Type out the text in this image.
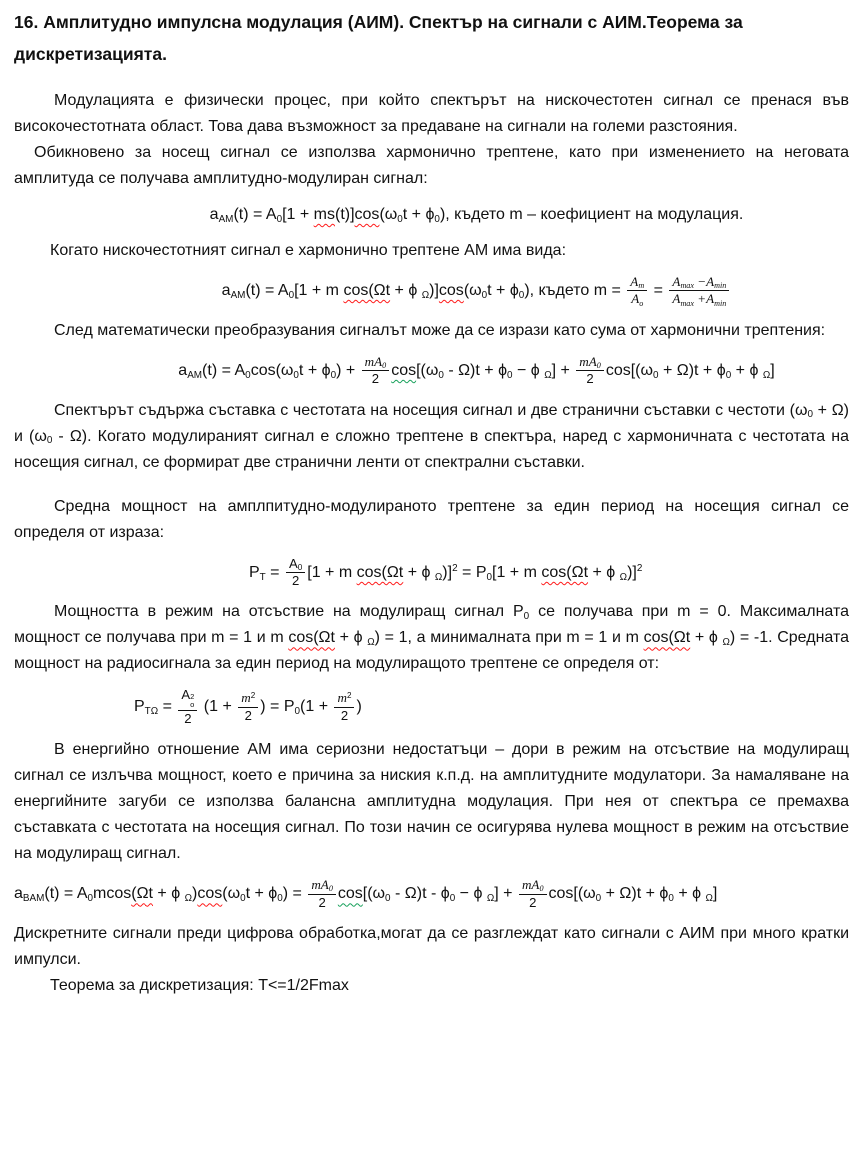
16. Амплитудно импулсна модулация (АИМ). Спектър на сигнали с АИМ.Теорема за дискретизацията.
Модулацията е физически процес, при който спектърът на нискочестотен сигнал се пренася във високочестотната област. Това дава възможност за предаване на сигнали на големи разстояния.
Обикновено за носещ сигнал се използва хармонично трептене, като при изменението на неговата амплитуда се получава амплитудно-модулиран сигнал:
$a_{AM}(t) = A_0[1 + ms(t)]\cos(\omega_0t + \phi_0)$, където m – коефициент на модулация.
Когато нискочестотният сигнал е хармонично трептене АМ има вида:
$a_{AM}(t) = A_0[1 + m$ cos(Ωt + ϕ $_\Omega)]\cos(\omega_0t + \phi_0)$, където $m = \frac{A_m}{A_o} = \frac{A_{max} -A_{min}}{A_{max} +A_{min}}$
След математически преобразувания сигналът може да се изрази като сума от хармонични трептения:
$a_{AM}(t) = A_0\cos(\omega_0t + \phi_0) + \frac{mA_0}{2} \cos[(\omega_0 - \Omega)t + \phi_0 - \phi$ $_\Omega] + \frac{mA_0}{2} \cos[(\omega_0 + \Omega)t + \phi_0 + \phi$ $_\Omega$]
Спектърът съдържа съставка с честотата на носещия сигнал и две странични съставки с честоти $(\omega_0 + \Omega)$ и $(\omega_0 - \Omega)$. Когато модулираният сигнал е сложно трептене в спектъра, наред с хармоничната с честотата на носещия сигнал, се формират две странични ленти от спектрални съставки.
Средна мощност на амплпитудно-модулираното трептене за един период на носещия сигнал се определя от израза:
$P_T = \frac{A_0}{2} [1 + m$ cos(Ωt + ϕ $_\Omega)]^2 = P_0[1 + m$ cos(Ωt + ϕ $_\Omega$)]$^2$
Мощността в режим на отсъствие на модулиращ сигнал $P_0$ се получава при m = 0. Максималната мощност се получава при m = 1 и m cos(Ωt + ϕ $_\Omega$) = 1, а минималната при m = 1 и m cos(Ωt + ϕ $_\Omega$) = -1. Средната мощност на радиосигнала за един период на модулиращото трептене се определя от:
$P_{T\Omega} = A$ 2
o
2 ($1 + \frac{m^2}{2}$ ) = $P_0(1 + \frac{m^2}{2}$ )
В енергийно отношение АМ има сериозни недостатъци – дори в режим на отсъствие на модулиращ сигнал се излъчва мощност, което е причина за ниския к.п.д. на амплитудните модулатори. За намаляване на енергийните загуби се използва балансна амплитудна модулация. При нея от спектъра се премахва съставката с честотата на носещия сигнал. По този начин се осигурява нулева мощност в режим на отсъствие на модулиращ сигнал.
$a_{BAM}(t) = A_0mcos(\Omega t + \phi$ $_\Omega)\cos(\omega_0t + \phi_0) = \frac{mA_0}{2} \cos[(\omega_0 - \Omega)t - \phi_0 - \phi$ $_\Omega] + \frac{mA_0}{2} \cos[(\omega_0 + \Omega)t + \phi_0 + \phi$ $_\Omega$]
Дискретните сигнали преди цифрова обработка,могат да се разглеждат като сигнали с АИМ при много кратки импулси.
Теорема за дискретизация: T<=1/2Fmax
